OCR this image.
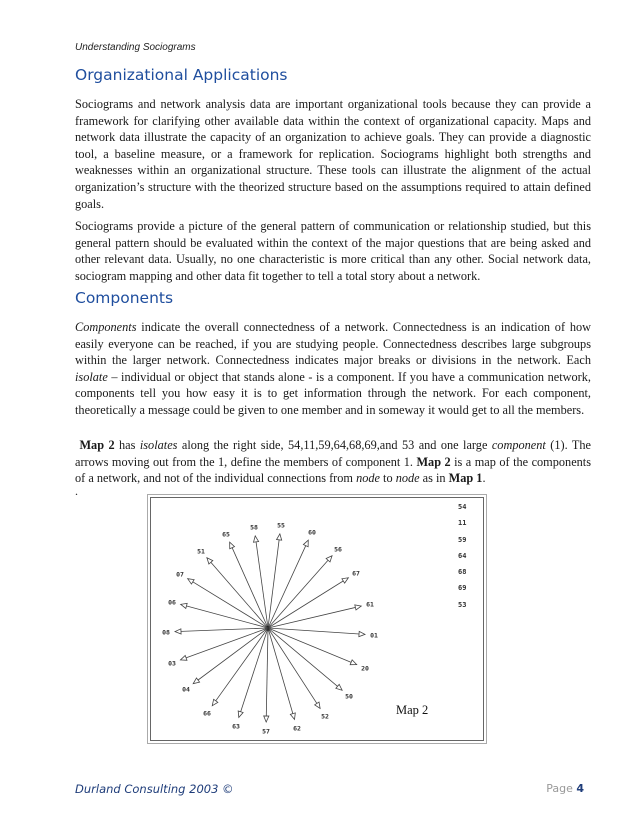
Understanding Sociograms
Organizational Applications

Sociograms and network analysis data are important organizational tools because they can provide a framework for clarifying other available data within the context of organizational capacity. Maps and network data illustrate the capacity of an organization to achieve goals. They can provide a diagnostic tool, a baseline measure, or a framework for replication. Sociograms highlight both strengths and weaknesses within an organizational structure. These tools can illustrate the alignment of the actual organization’s structure with the theorized structure based on the assumptions required to attain defined goals.

Sociograms provide a picture of the general pattern of communication or relationship studied, but this general pattern should be evaluated within the context of the major questions that are being asked and other relevant data. Usually, no one characteristic is more critical than any other. Social network data, sociogram mapping and other data fit together to tell a total story about a network.

Components

Components indicate the overall connectedness of a network. Connectedness is an indication of how easily everyone can be reached, if you are studying people. Connectedness describes large subgroups within the larger network. Connectedness indicates major breaks or divisions in the network. Each isolate – individual or object that stands alone - is a component. If you have a communication network, components tell you how easy it is to get information through the network. For each component, theoretically a message could be given to one member and in someway it would get to all the members.

Map 2 has isolates along the right side, 54,11,59,64,68,69,and 53 and one large component (1). The arrows moving out from the 1, define the members of component 1. Map 2 is a map of the components of a network, and not of the individual connections from node to node as in Map 1.

.
55
60
56
67
61
01
20
50
52
62
57
63
66
04
03
08
06
07
51
65
58
1
Map 2
54
11
59
64
68
69
53
Durland Consulting 2003 ©	Page 4
